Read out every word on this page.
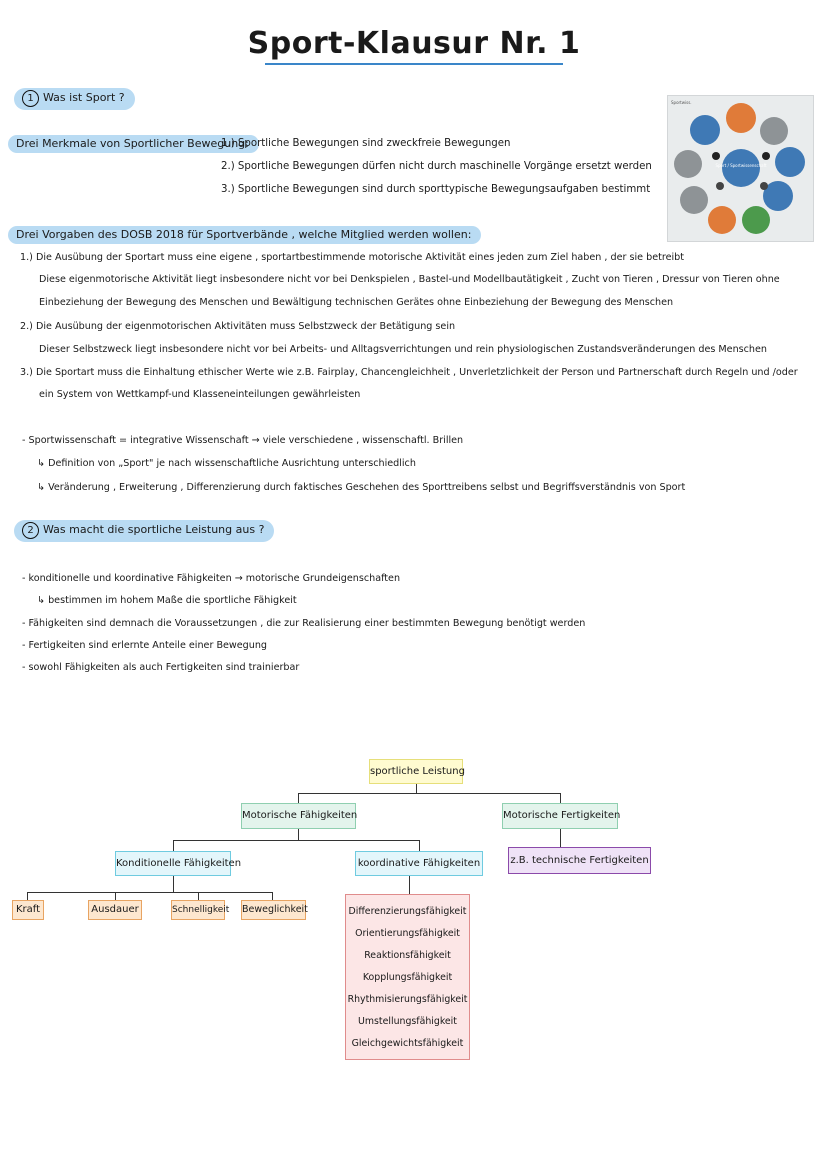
Sport-Klausur Nr. 1
1 Was ist Sport ?
Drei Merkmale von Sportlicher Bewegung:
1.) Sportliche Bewegungen sind zweckfreie Bewegungen
2.) Sportliche Bewegungen dürfen nicht durch maschinelle Vorgänge ersetzt werden
3.) Sportliche Bewegungen sind durch sporttypische Bewegungsaufgaben bestimmt
Sportwiss.
Sport / Sportwissenschaft
Drei Vorgaben des DOSB 2018 für Sportverbände , welche Mitglied werden wollen:
1.) Die Ausübung der Sportart muss eine eigene , sportartbestimmende motorische Aktivität eines jeden zum Ziel haben , der sie betreibt
Diese eigenmotorische Aktivität liegt insbesondere nicht vor bei Denkspielen , Bastel-und Modellbautätigkeit , Zucht von Tieren , Dressur von Tieren ohne
Einbeziehung der Bewegung des Menschen und Bewältigung technischen Gerätes ohne Einbeziehung der Bewegung des Menschen
2.) Die Ausübung der eigenmotorischen Aktivitäten muss Selbstzweck der Betätigung sein
Dieser Selbstzweck liegt insbesondere nicht vor bei Arbeits- und Alltagsverrichtungen und rein physiologischen Zustandsveränderungen des Menschen
3.) Die Sportart muss die Einhaltung ethischer Werte wie z.B. Fairplay, Chancengleichheit , Unverletzlichkeit der Person und Partnerschaft durch Regeln und /oder
ein System von Wettkampf-und Klasseneinteilungen gewährleisten
- Sportwissenschaft = integrative Wissenschaft → viele verschiedene , wissenschaftl. Brillen
↳ Definition von „Sport" je nach wissenschaftliche Ausrichtung unterschiedlich
↳ Veränderung , Erweiterung , Differenzierung durch faktisches Geschehen des Sporttreibens selbst und Begriffsverständnis von Sport
2 Was macht die sportliche Leistung aus ?
- konditionelle und koordinative Fähigkeiten → motorische Grundeigenschaften
↳ bestimmen im hohem Maße die sportliche Fähigkeit
- Fähigkeiten sind demnach die Voraussetzungen , die zur Realisierung einer bestimmten Bewegung benötigt werden
- Fertigkeiten sind erlernte Anteile einer Bewegung
- sowohl Fähigkeiten als auch Fertigkeiten sind trainierbar
sportliche Leistung
Motorische Fähigkeiten	Motorische Fertigkeiten
Konditionelle Fähigkeiten	koordinative Fähigkeiten	z.B. technische Fertigkeiten
Kraft	Ausdauer	Schnelligkeit Beweglichkeit	Differenzierungsfähigkeit
Orientierungsfähigkeit
Reaktionsfähigkeit
Kopplungsfähigkeit
Rhythmisierungsfähigkeit
Umstellungsfähigkeit
Gleichgewichtsfähigkeit
